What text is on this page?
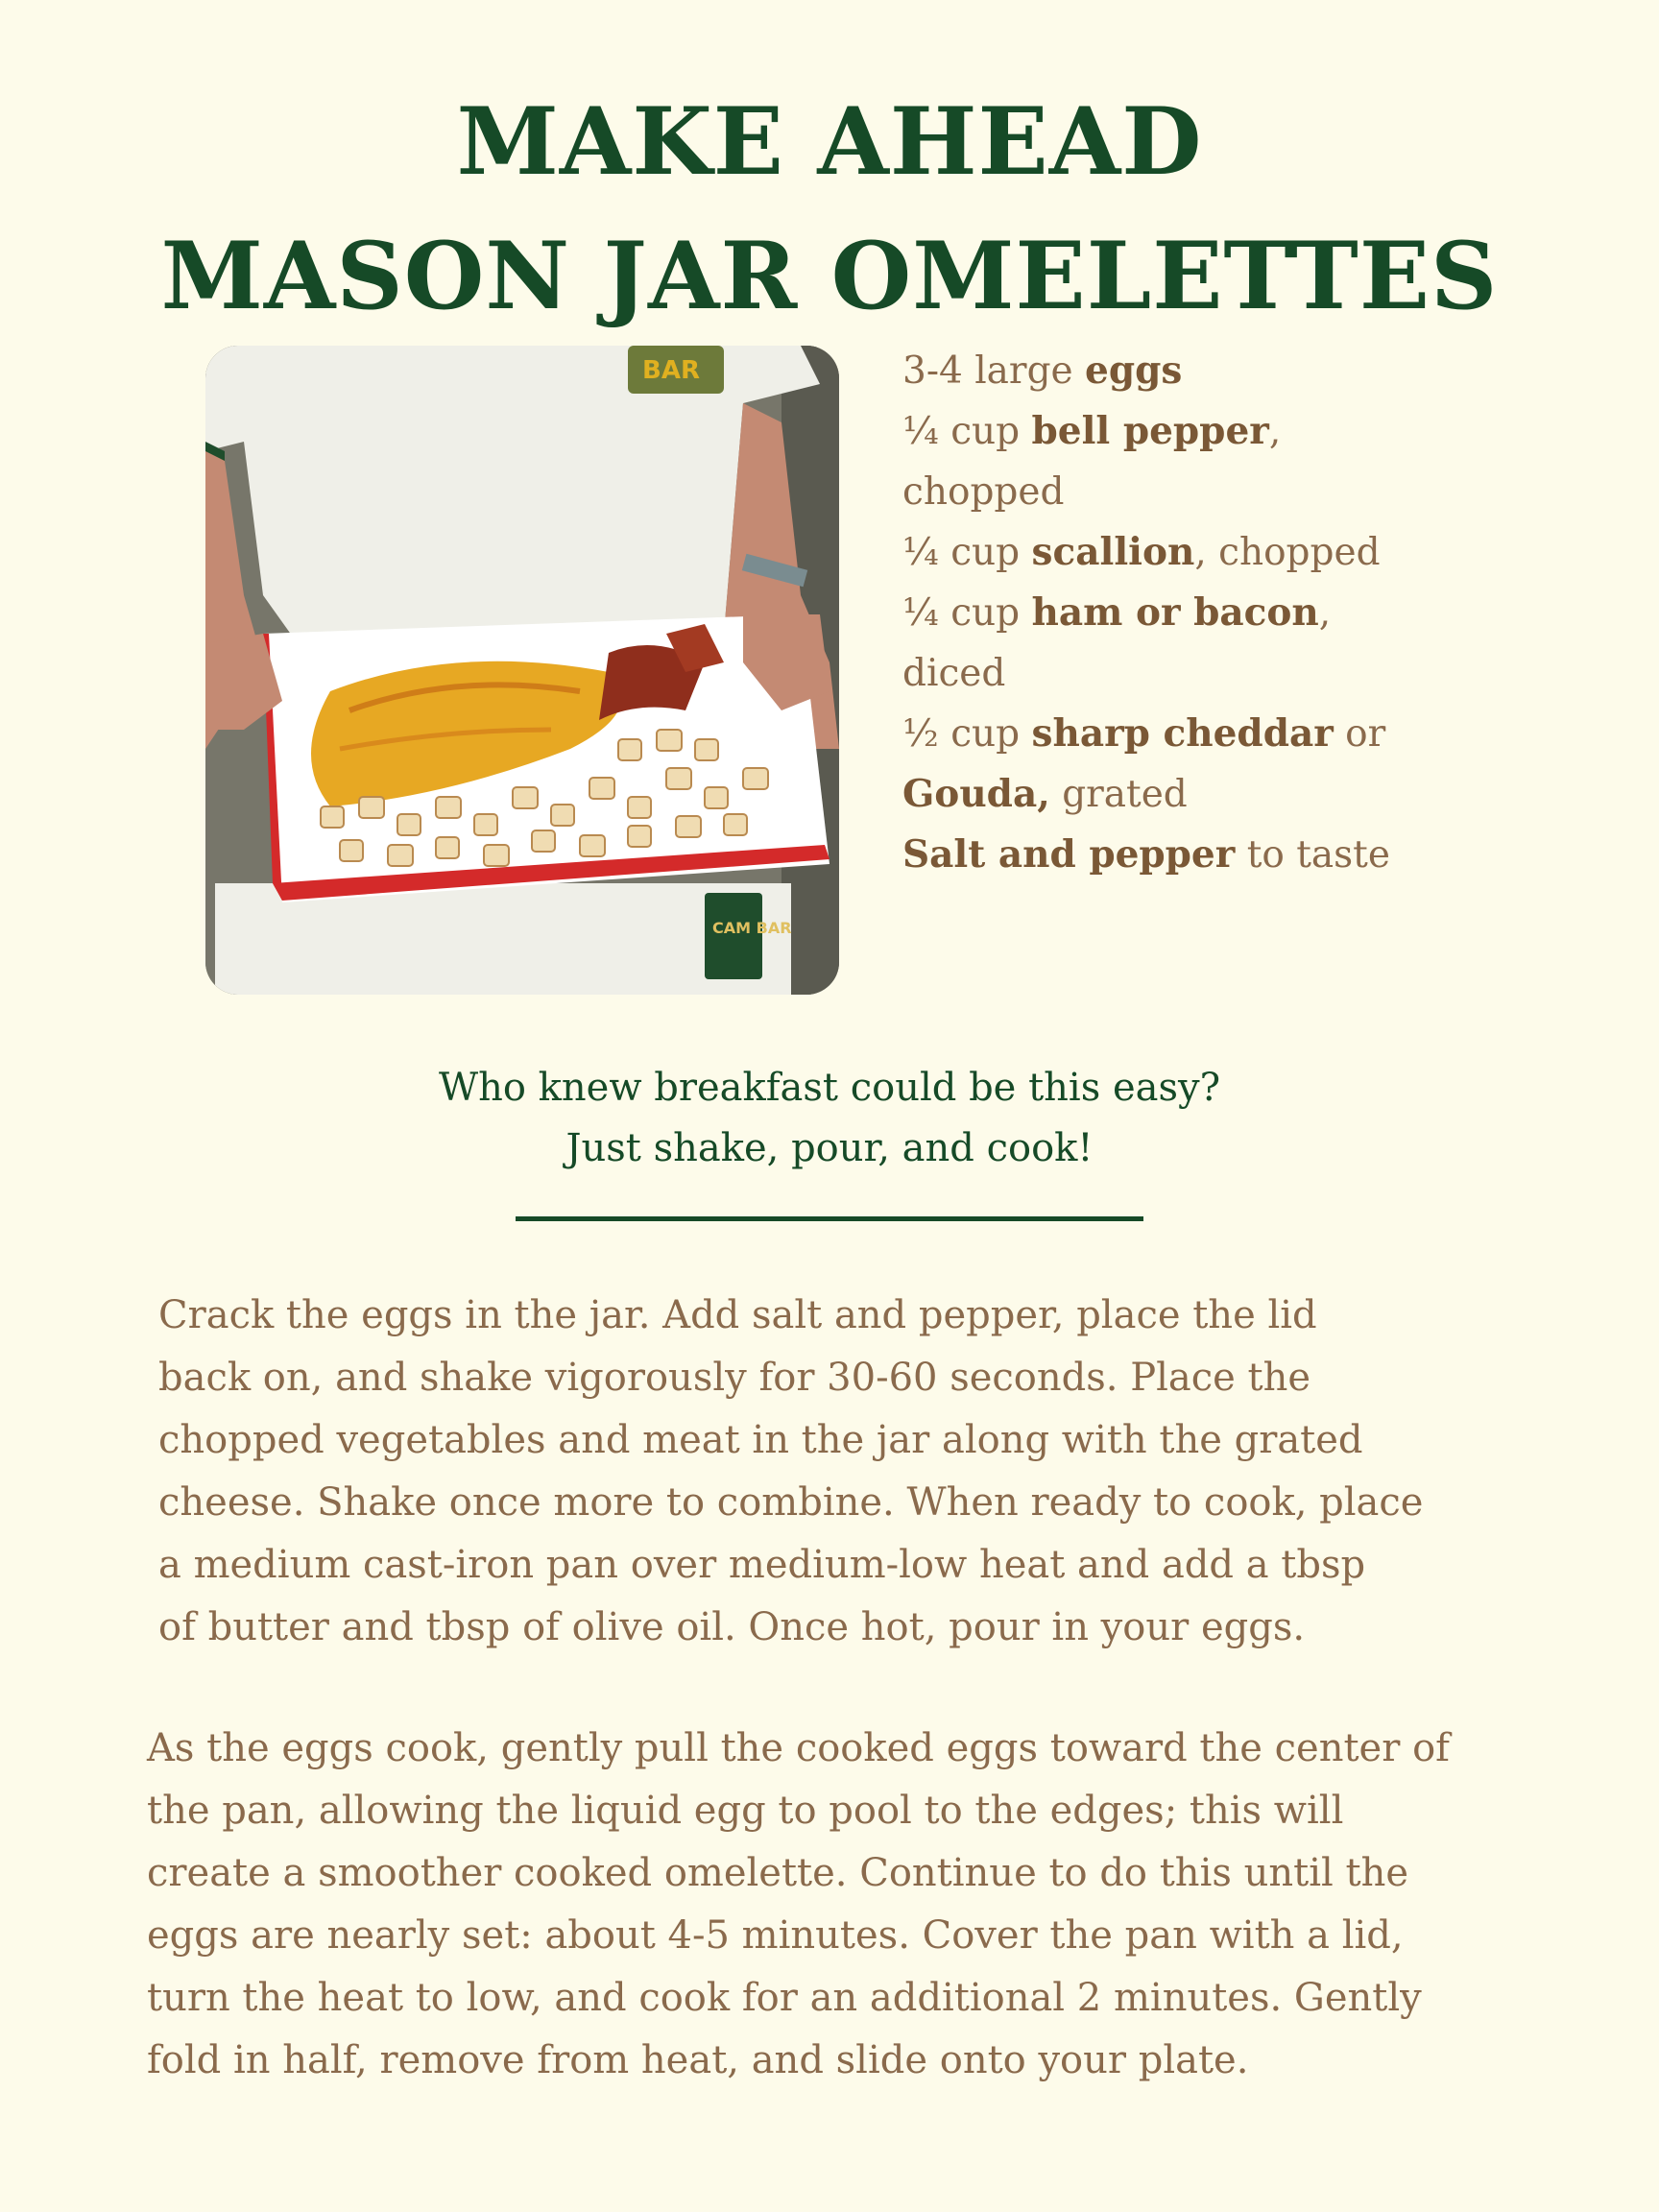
MAKE AHEAD
MASON JAR OMELETTES
BAR
CAM BAR
3-4 large eggs
¼ cup bell pepper,
chopped
¼ cup scallion, chopped
¼ cup ham or bacon,
diced
½ cup sharp cheddar or
Gouda, grated
Salt and pepper to taste
Who knew breakfast could be this easy?
Just shake, pour, and cook!

Crack the eggs in the jar. Add salt and pepper, place the lid
back on, and shake vigorously for 30-60 seconds. Place the
chopped vegetables and meat in the jar along with the grated
cheese. Shake once more to combine. When ready to cook, place
a medium cast-iron pan over medium-low heat and add a tbsp
of butter and tbsp of olive oil. Once hot, pour in your eggs.

As the eggs cook, gently pull the cooked eggs toward the center of
the pan, allowing the liquid egg to pool to the edges; this will
create a smoother cooked omelette. Continue to do this until the
eggs are nearly set: about 4-5 minutes. Cover the pan with a lid,
turn the heat to low, and cook for an additional 2 minutes. Gently
fold in half, remove from heat, and slide onto your plate.
